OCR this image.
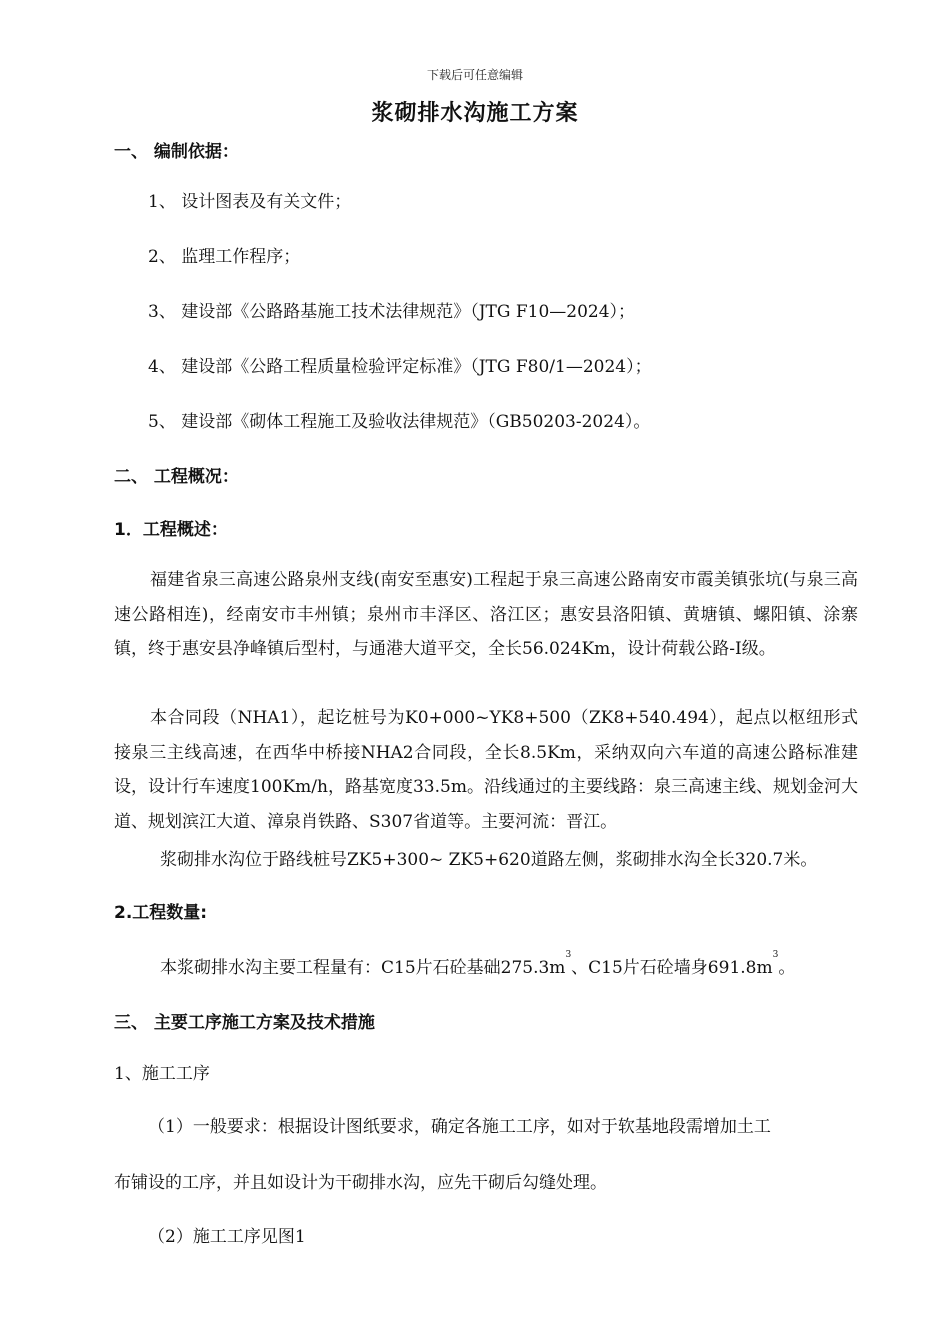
下载后可任意编辑
浆砌排水沟施工方案
一、 编制依据：
1、 设计图表及有关文件；
2、 监理工作程序；
3、 建设部《公路路基施工技术法律规范》（JTG F10—2024）；
4、 建设部《公路工程质量检验评定标准》（JTG F80/1—2024）；
5、 建设部《砌体工程施工及验收法律规范》（GB50203-2024）。
二、 工程概况：
1．工程概述：
福建省泉三高速公路泉州支线(南安至惠安)工程起于泉三高速公路南安市霞美镇张坑(与泉三高速公路相连)，经南安市丰州镇；泉州市丰泽区、洛江区；惠安县洛阳镇、黄塘镇、螺阳镇、涂寨镇，终于惠安县净峰镇后型村，与通港大道平交，全长56.024Km，设计荷载公路-I级。
本合同段（NHA1），起讫桩号为K0+000~YK8+500（ZK8+540.494），起点以枢纽形式接泉三主线高速，在西华中桥接NHA2合同段，全长8.5Km，采纳双向六车道的高速公路标准建设，设计行车速度100Km/h，路基宽度33.5m。沿线通过的主要线路：泉三高速主线、规划金河大道、规划滨江大道、漳泉肖铁路、S307省道等。主要河流：晋江。
浆砌排水沟位于路线桩号ZK5+300~ ZK5+620道路左侧，浆砌排水沟全长320.7米。
2.工程数量:
本浆砌排水沟主要工程量有：C15片石砼基础$275.3m^3$、C15片石砼墙身$691.8m^3$。
三、 主要工序施工方案及技术措施
1、施工工序
（1）一般要求：根据设计图纸要求，确定各施工工序，如对于软基地段需增加土工
布铺设的工序，并且如设计为干砌排水沟，应先干砌后勾缝处理。
（2）施工工序见图1
